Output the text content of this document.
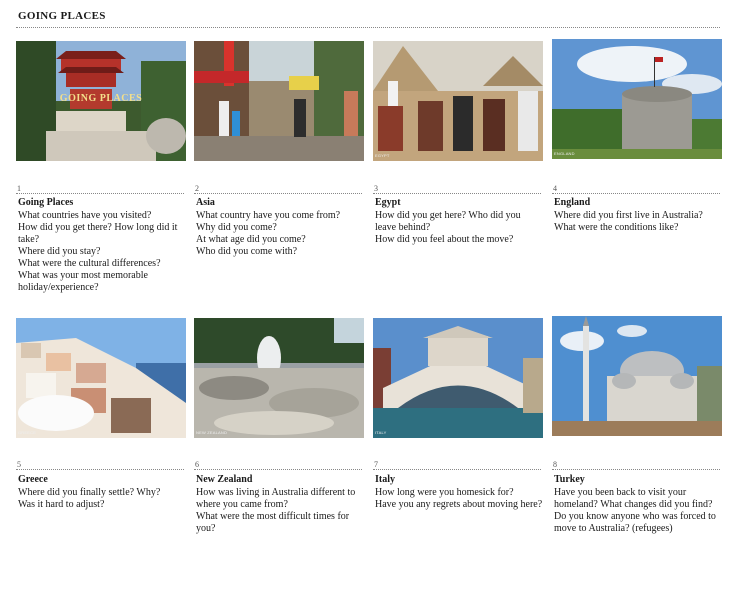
GOING PLACES
GOING PLACES
1
Going Places
What countries have you visited?
How did you get there? How long did it take?
Where did you stay?
What were the cultural differences?
What was your most memorable holiday/experience?
2
Asia
What country have you come from?
Why did you come?
At what age did you come?
Who did you come with?
EGYPT
3
Egypt
How did you get here? Who did you leave behind?
How did you feel about the move?
ENGLAND
4
England
Where did you first live in Australia?
What were the conditions like?
GREECE
5
Greece
Where did you finally settle? Why?
Was it hard to adjust?
NEW ZEALAND
6
New Zealand
How was living in Australia different to where you came from?
What were the most difficult times for you?
ITALY
7
Italy
How long were you homesick for?
Have you any regrets about moving here?
8
Turkey
Have you been back to visit your homeland? What changes did you find?
Do you know anyone who was forced to move to Australia? (refugees)
